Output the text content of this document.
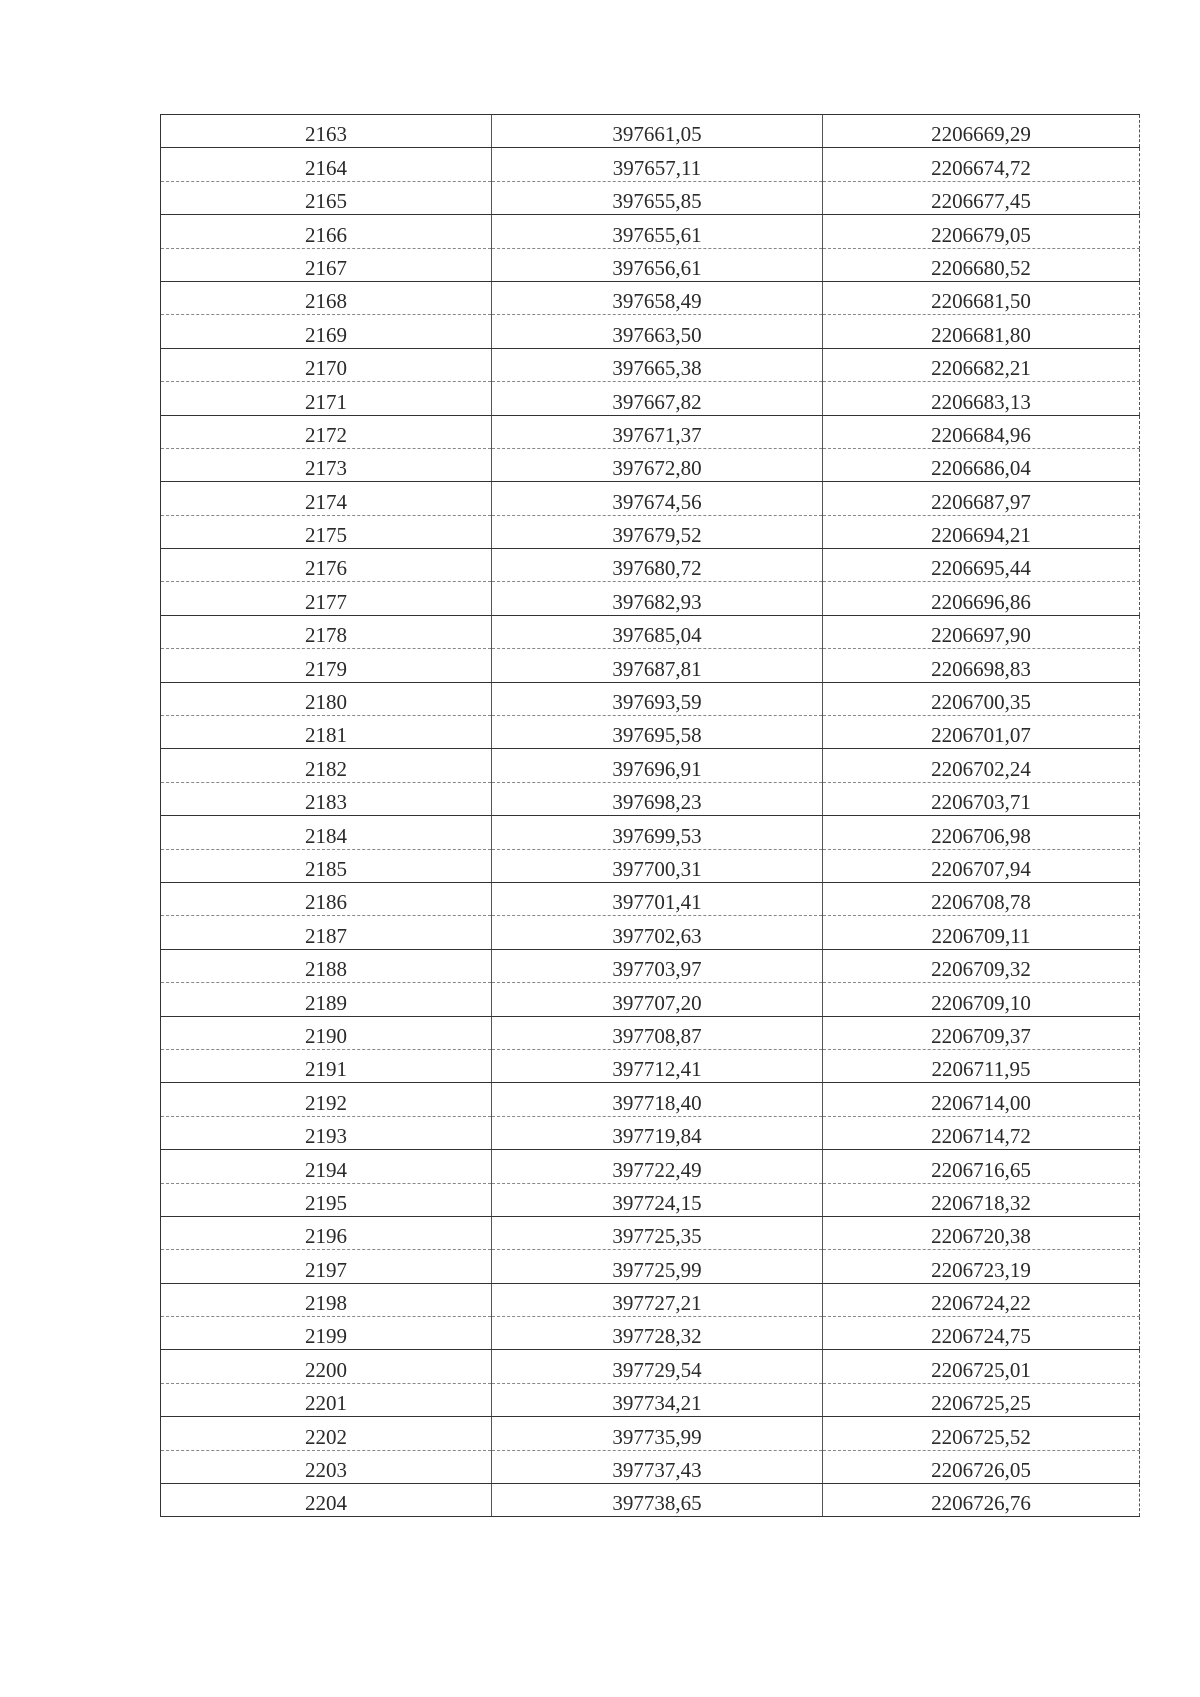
2163	397661,05	2206669,29
2164	397657,11	2206674,72
2165	397655,85	2206677,45
2166	397655,61	2206679,05
2167	397656,61	2206680,52
2168	397658,49	2206681,50
2169	397663,50	2206681,80
2170	397665,38	2206682,21
2171	397667,82	2206683,13
2172	397671,37	2206684,96
2173	397672,80	2206686,04
2174	397674,56	2206687,97
2175	397679,52	2206694,21
2176	397680,72	2206695,44
2177	397682,93	2206696,86
2178	397685,04	2206697,90
2179	397687,81	2206698,83
2180	397693,59	2206700,35
2181	397695,58	2206701,07
2182	397696,91	2206702,24
2183	397698,23	2206703,71
2184	397699,53	2206706,98
2185	397700,31	2206707,94
2186	397701,41	2206708,78
2187	397702,63	2206709,11
2188	397703,97	2206709,32
2189	397707,20	2206709,10
2190	397708,87	2206709,37
2191	397712,41	2206711,95
2192	397718,40	2206714,00
2193	397719,84	2206714,72
2194	397722,49	2206716,65
2195	397724,15	2206718,32
2196	397725,35	2206720,38
2197	397725,99	2206723,19
2198	397727,21	2206724,22
2199	397728,32	2206724,75
2200	397729,54	2206725,01
2201	397734,21	2206725,25
2202	397735,99	2206725,52
2203	397737,43	2206726,05
2204	397738,65	2206726,76
